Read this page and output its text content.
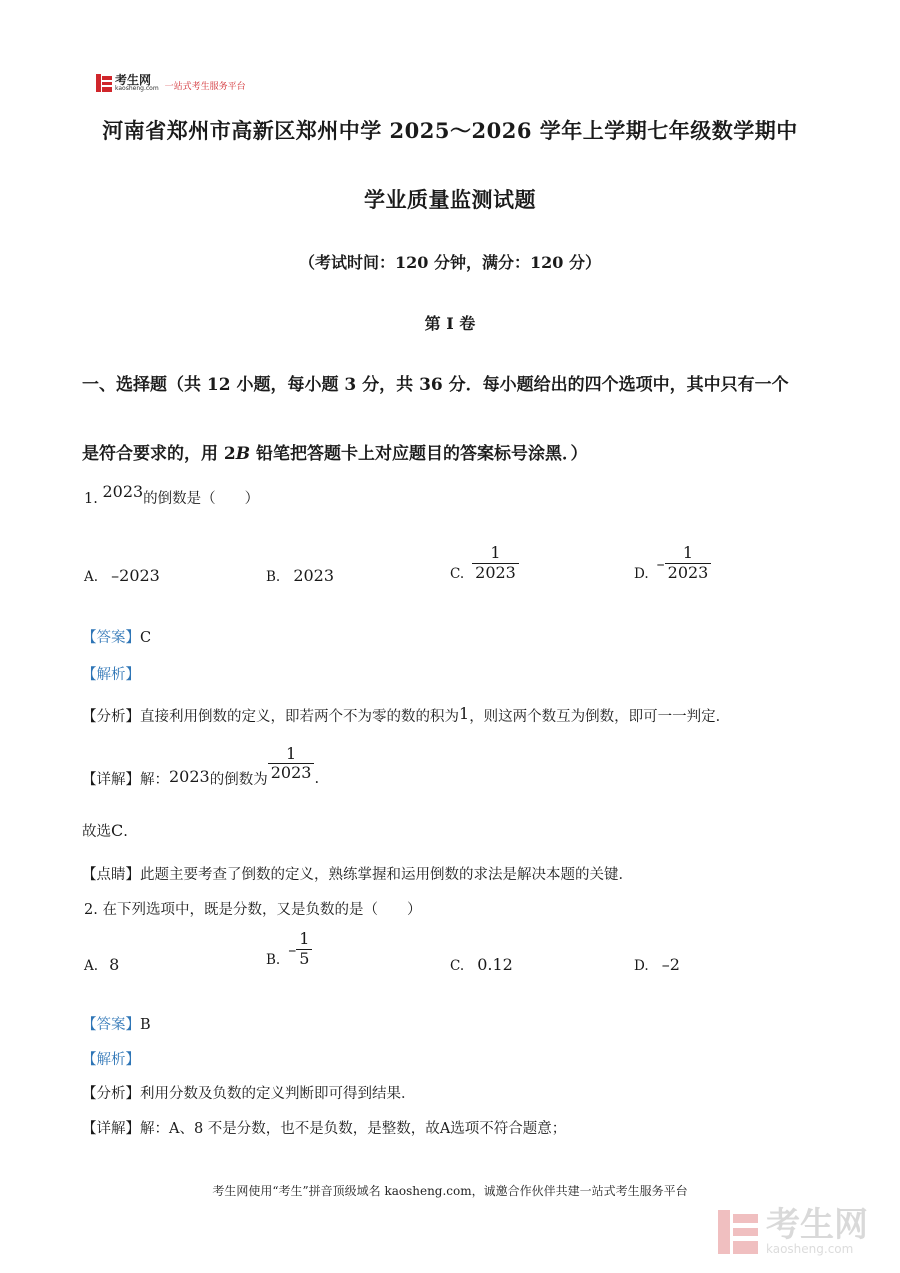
考生网
kaosheng.com 一站式考生服务平台
河南省郑州市高新区郑州中学 2025～2026 学年上学期七年级数学期中
学业质量监测试题
（考试时间：120 分钟，满分：120 分）
第 I 卷
一、选择题（共 12 小题，每小题 3 分，共 36 分．每小题给出的四个选项中，其中只有一个
是符合要求的，用 2B 铅笔把答题卡上对应题目的答案标号涂黑．）
1. 2023的倒数是（　　）
A. –2023	B. 2023	C. $\frac{1}{2023}$	D.
– $\frac{1}{2023}$
【答案】C
【解析】
【分析】直接利用倒数的定义，即若两个不为零的数的积为1，则这两个数互为倒数，即可一一判定．
【详解】 解： 2023 的倒数为 $\frac{1}{2023}$ .
故选C.
【点睛】此题主要考查了倒数的定义，熟练掌握和运用倒数的求法是解决本题的关键．
2. 在下列选项中，既是分数，又是负数的是（　　）
A. 8	B.
– $\frac{1}{5}$	C. 0.12	D. –2
【答案】B
【解析】
【分析】利用分数及负数的定义判断即可得到结果．
【详解】解：A、8 不是分数，也不是负数，是整数，故A选项不符合题意；
考生网使用“考生”拼音顶级域名 kaosheng.com，诚邀合作伙伴共建一站式考生服务平台
考生网
kaosheng.com
